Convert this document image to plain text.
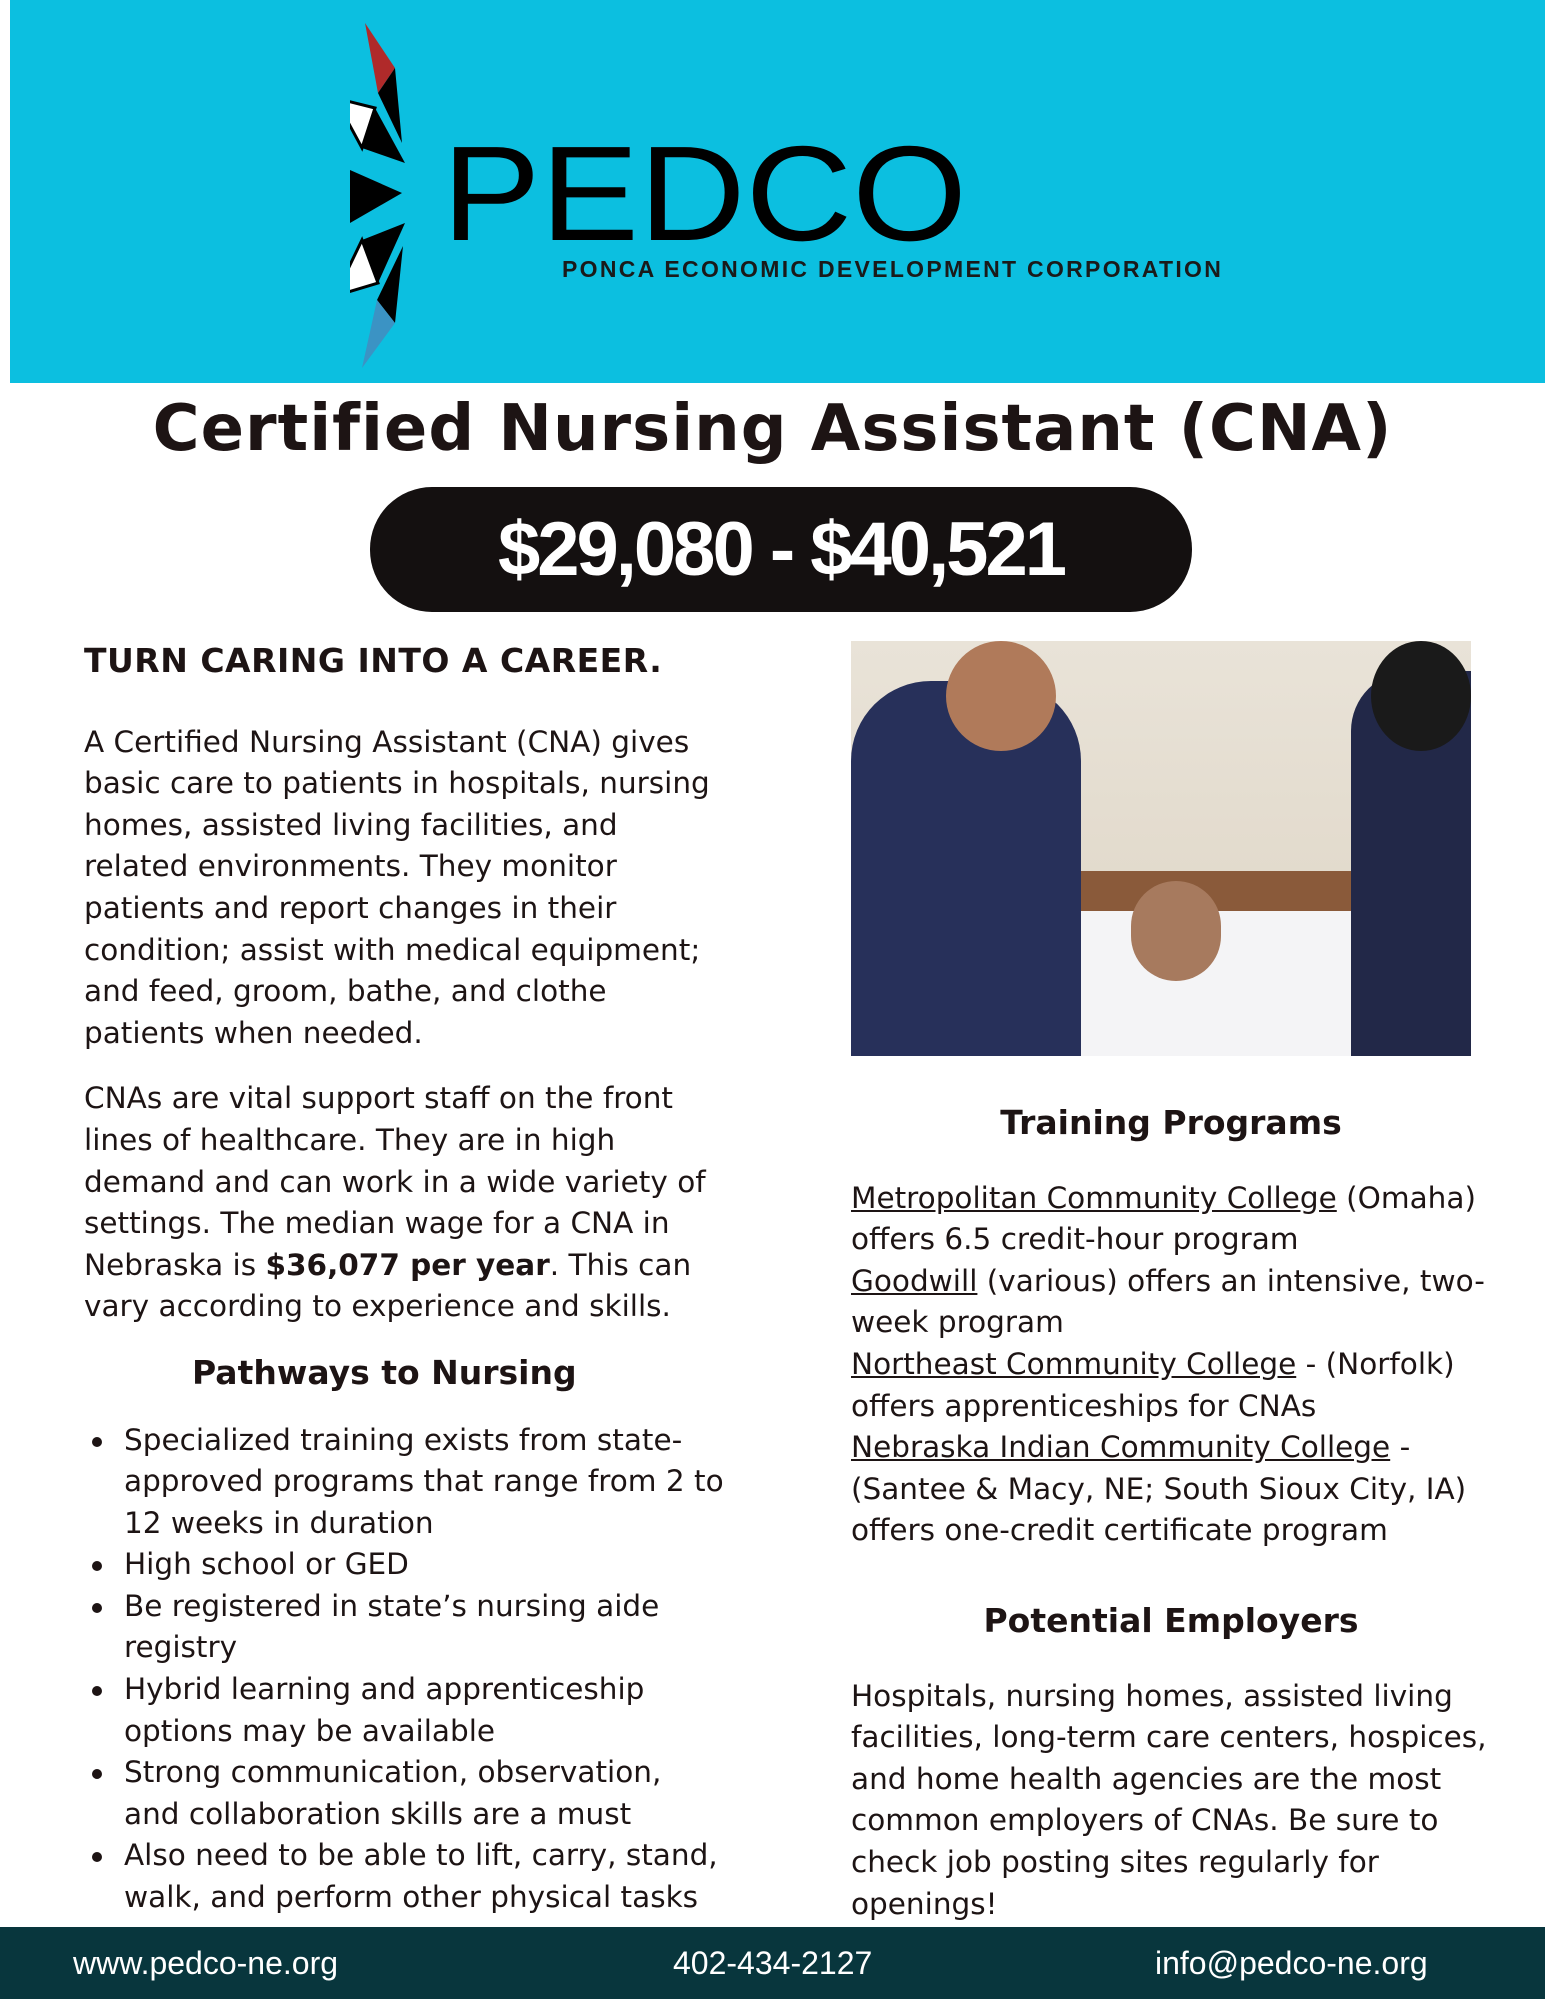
PEDCO
PONCA ECONOMIC DEVELOPMENT CORPORATION
Certified Nursing Assistant (CNA)
$29,080 - $40,521
TURN CARING INTO A CAREER.

A Certified Nursing Assistant (CNA) gives basic care to patients in hospitals, nursing homes, assisted living facilities, and related environments. They monitor patients and report changes in their condition; assist with medical equipment; and feed, groom, bathe, and clothe patients when needed.

CNAs are vital support staff on the front lines of healthcare. They are in high demand and can work in a wide variety of settings. The median wage for a CNA in Nebraska is $36,077 per year. This can vary according to experience and skills.

Pathways to Nursing
Specialized training exists from state-approved programs that range from 2 to 12 weeks in duration
High school or GED
Be registered in state’s nursing aide registry
Hybrid learning and apprenticeship options may be available
Strong communication, observation, and collaboration skills are a must
Also need to be able to lift, carry, stand, walk, and perform other physical tasks
Training Programs
Metropolitan Community College (Omaha) offers 6.5 credit-hour program
Goodwill (various) offers an intensive, two-week program
Northeast Community College - (Norfolk) offers apprenticeships for CNAs
Nebraska Indian Community College - (Santee & Macy, NE; South Sioux City, IA) offers one-credit certificate program
Potential Employers

Hospitals, nursing homes, assisted living facilities, long-term care centers, hospices, and home health agencies are the most common employers of CNAs. Be sure to check job posting sites regularly for openings!

www.pedco-ne.org	402-434-2127	info@pedco-ne.org
